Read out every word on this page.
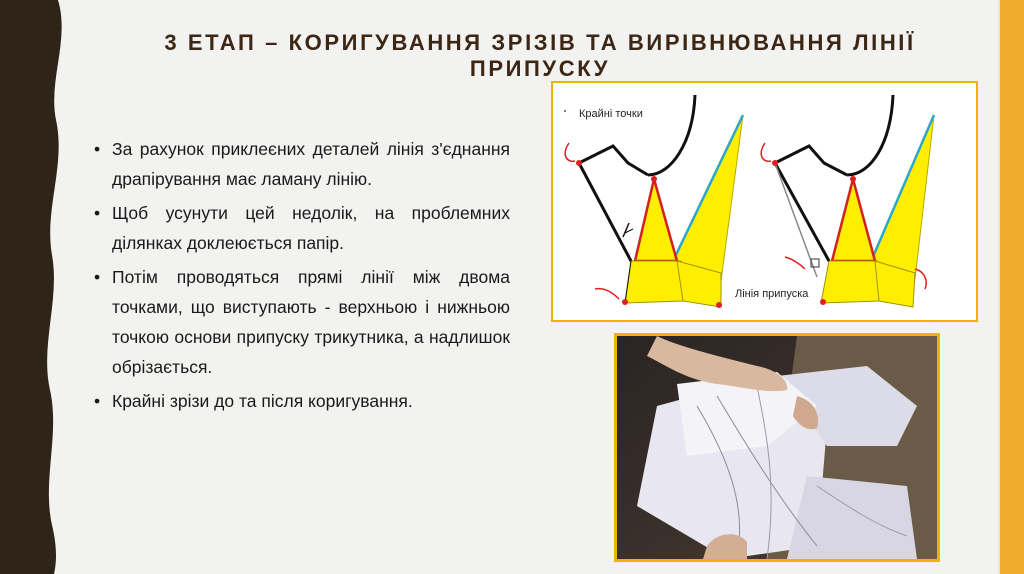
3 ЕТАП – КОРИГУВАННЯ ЗРІЗІВ ТА ВИРІВНЮВАННЯ ЛІНІЇ ПРИПУСКУ
• За рахунок приклеєних деталей лінія з'єднання драпірування має ламану лінію.
• Щоб усунути цей недолік, на проблемних ділянках доклеюється папір.
• Потім проводяться прямі лінії між двома точками, що виступають - верхньою і нижньою точкою основи припуску трикутника, а надлишок обрізається.
• Крайні зрізи до та після коригування.
Крайні точки
Лінія припуска
